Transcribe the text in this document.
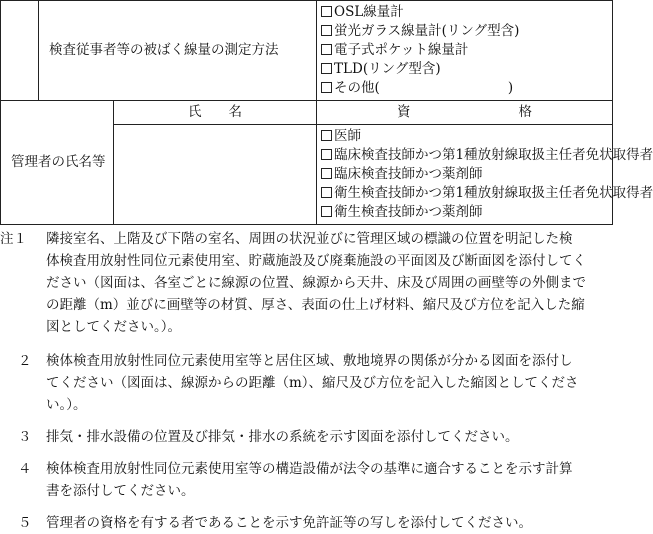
	検査従事者等の被ばく線量の測定方法		OSL線量計
蛍光ガラス線量計(リング型含)
電子式ポケット線量計
TLD(リング型含)
その他( )

管理者の氏名等		氏　　名	資　　　　　　　　格

			医師
臨床検査技師かつ第1種放射線取扱主任者免状取得者
臨床検査技師かつ薬剤師
衛生検査技師かつ第1種放射線取扱主任者免状取得者
衛生検査技師かつ薬剤師
注１ 隣接室名、上階及び下階の室名、周囲の状況並びに管理区域の標識の位置を明記した検
体検査用放射性同位元素使用室、貯蔵施設及び廃棄施設の平面図及び断面図を添付してく
ださい（図面は、各室ごとに線源の位置、線源から天井、床及び周囲の画壁等の外側まで
の距離（m）並びに画壁等の材質、厚さ、表面の仕上げ材料、縮尺及び方位を記入した縮
図としてください。）。
２ 検体検査用放射性同位元素使用室等と居住区域、敷地境界の関係が分かる図面を添付し
てください（図面は、線源からの距離（m）、縮尺及び方位を記入した縮図としてくださ
い。）。
３ 排気・排水設備の位置及び排気・排水の系統を示す図面を添付してください。
４ 検体検査用放射性同位元素使用室等の構造設備が法令の基準に適合することを示す計算
書を添付してください。
５ 管理者の資格を有する者であることを示す免許証等の写しを添付してください。
